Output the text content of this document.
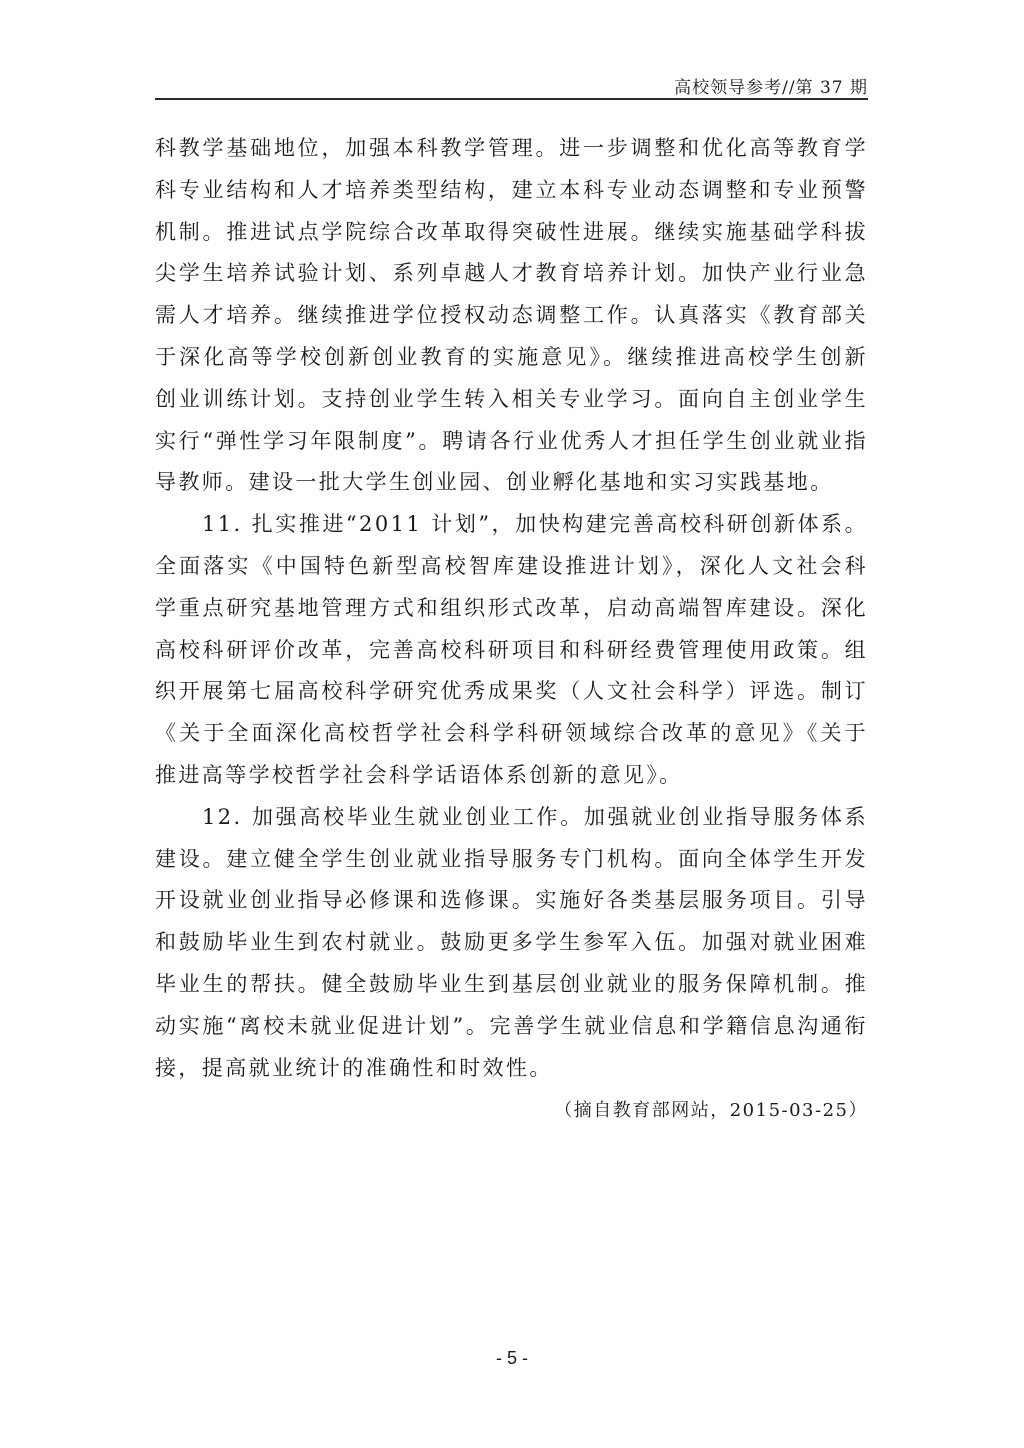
高校领导参考//第 37 期

科教学基础地位，加强本科教学管理。进一步调整和优化高等教育学科专业结构和人才培养类型结构，建立本科专业动态调整和专业预警机制。推进试点学院综合改革取得突破性进展。继续实施基础学科拔尖学生培养试验计划、系列卓越人才教育培养计划。加快产业行业急需人才培养。继续推进学位授权动态调整工作。认真落实《教育部关于深化高等学校创新创业教育的实施意见》。继续推进高校学生创新创业训练计划。支持创业学生转入相关专业学习。面向自主创业学生实行“弹性学习年限制度”。聘请各行业优秀人才担任学生创业就业指导教师。建设一批大学生创业园、创业孵化基地和实习实践基地。

11. 扎实推进“2011 计划”，加快构建完善高校科研创新体系。全面落实《中国特色新型高校智库建设推进计划》，深化人文社会科学重点研究基地管理方式和组织形式改革，启动高端智库建设。深化高校科研评价改革，完善高校科研项目和科研经费管理使用政策。组织开展第七届高校科学研究优秀成果奖（人文社会科学）评选。制订《关于全面深化高校哲学社会科学科研领域综合改革的意见》《关于推进高等学校哲学社会科学话语体系创新的意见》。

12. 加强高校毕业生就业创业工作。加强就业创业指导服务体系建设。建立健全学生创业就业指导服务专门机构。面向全体学生开发开设就业创业指导必修课和选修课。实施好各类基层服务项目。引导和鼓励毕业生到农村就业。鼓励更多学生参军入伍。加强对就业困难毕业生的帮扶。健全鼓励毕业生到基层创业就业的服务保障机制。推动实施“离校未就业促进计划”。完善学生就业信息和学籍信息沟通衔接，提高就业统计的准确性和时效性。

（摘自教育部网站，2015-03-25）
- 5 -
